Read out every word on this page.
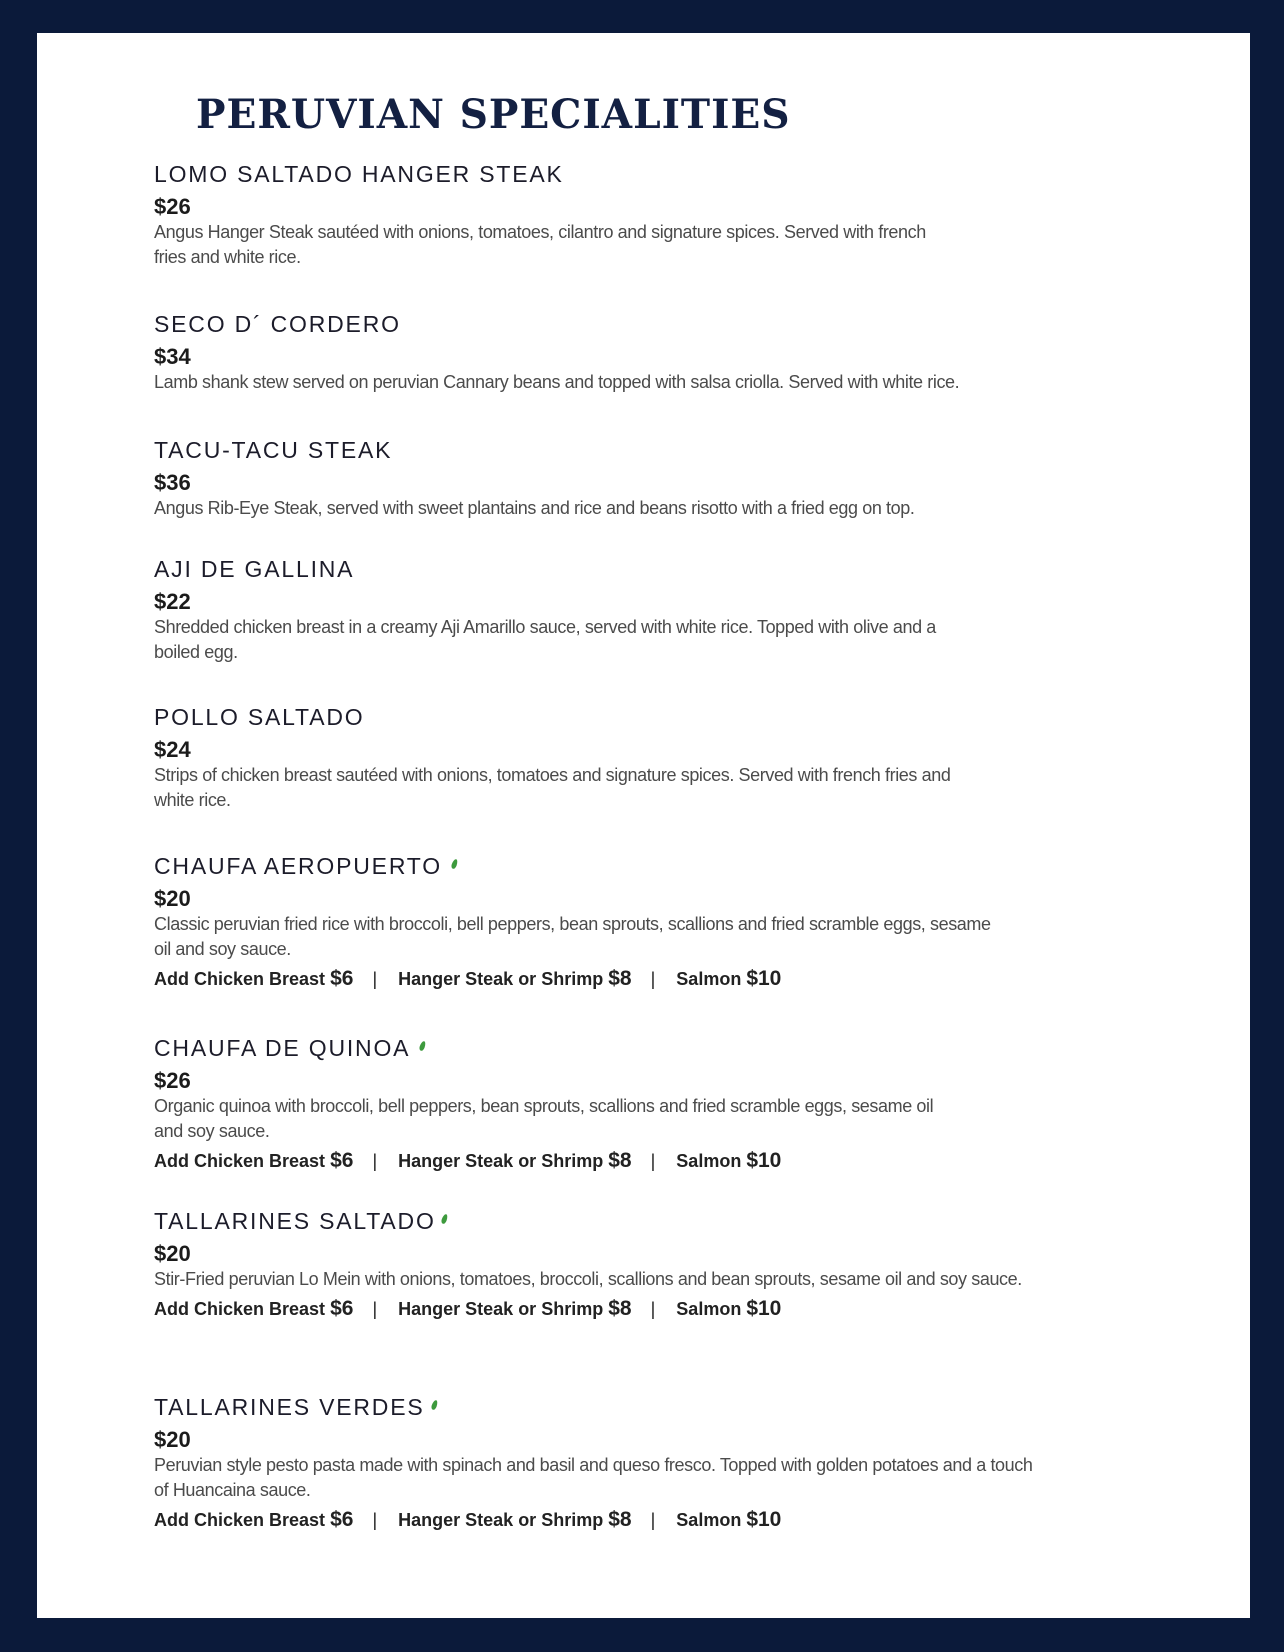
PERUVIAN SPECIALITIES
LOMO SALTADO HANGER STEAK
$26
Angus Hanger Steak sautéed with onions, tomatoes, cilantro and signature spices. Served with french fries and white rice.
SECO D´ CORDERO
$34
Lamb shank stew served on peruvian Cannary beans and topped with salsa criolla. Served with white rice.
TACU-TACU STEAK
$36
Angus Rib-Eye Steak, served with sweet plantains and rice and beans risotto with a fried egg on top.
AJI DE GALLINA
$22
Shredded chicken breast in a creamy Aji Amarillo sauce, served with white rice. Topped with olive and a boiled egg.
POLLO SALTADO
$24
Strips of chicken breast sautéed with onions, tomatoes and signature spices. Served with french fries and white rice.
CHAUFA AEROPUERTO
$20
Classic peruvian fried rice with broccoli, bell peppers, bean sprouts, scallions and fried scramble eggs, sesame oil and soy sauce.
Add Chicken Breast $6 | Hanger Steak or Shrimp $8 | Salmon $10
CHAUFA DE QUINOA
$26
Organic quinoa with broccoli, bell peppers, bean sprouts, scallions and fried scramble eggs, sesame oil and soy sauce.
Add Chicken Breast $6 | Hanger Steak or Shrimp $8 | Salmon $10
TALLARINES SALTADO
$20
Stir-Fried peruvian Lo Mein with onions, tomatoes, broccoli, scallions and bean sprouts, sesame oil and soy sauce.
Add Chicken Breast $6 | Hanger Steak or Shrimp $8 | Salmon $10
TALLARINES VERDES
$20
Peruvian style pesto pasta made with spinach and basil and queso fresco. Topped with golden potatoes and a touch of Huancaina sauce.
Add Chicken Breast $6 | Hanger Steak or Shrimp $8 | Salmon $10
